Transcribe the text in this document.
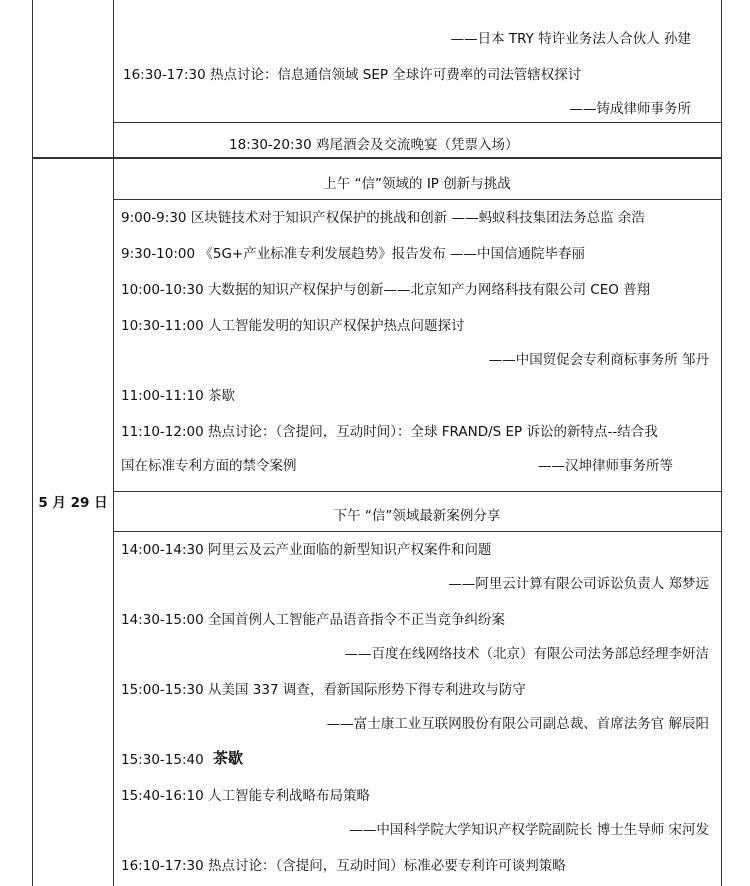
——日本 TRY 特许业务法人合伙人 孙建
16:30-17:30 热点讨论：信息通信领域 SEP 全球许可费率的司法管辖权探讨
——铸成律师事务所
18:30-20:30 鸡尾酒会及交流晚宴（凭票入场）
5 月 29 日
上午 “信”领域的 IP 创新与挑战
9:00-9:30 区块链技术对于知识产权保护的挑战和创新 ——蚂蚁科技集团法务总监 余浩
9:30-10:00 《5G+产业标准专利发展趋势》报告发布 ——中国信通院毕春丽
10:00-10:30 大数据的知识产权保护与创新——北京知产力网络科技有限公司 CEO 普翔
10:30-11:00 人工智能发明的知识产权保护热点问题探讨
——中国贸促会专利商标事务所 邹丹
11:00-11:10 茶歇
11:10-12:00 热点讨论：（含提问，互动时间）：全球 FRAND/S EP 诉讼的新特点--结合我
国在标准专利方面的禁令案例	——汉坤律师事务所等
下午 “信”领域最新案例分享
14:00-14:30 阿里云及云产业面临的新型知识产权案件和问题
——阿里云计算有限公司诉讼负责人 郑梦远
14:30-15:00 全国首例人工智能产品语音指令不正当竞争纠纷案
——百度在线网络技术（北京）有限公司法务部总经理李妍洁
15:00-15:30 从美国 337 调查，看新国际形势下得专利进攻与防守
——富士康工业互联网股份有限公司副总裁、首席法务官 解辰阳
15:30-15:40 茶歇
15:40-16:10 人工智能专利战略布局策略
——中国科学院大学知识产权学院副院长 博士生导师 宋河发
16:10-17:30 热点讨论：（含提问，互动时间）标准必要专利许可谈判策略
